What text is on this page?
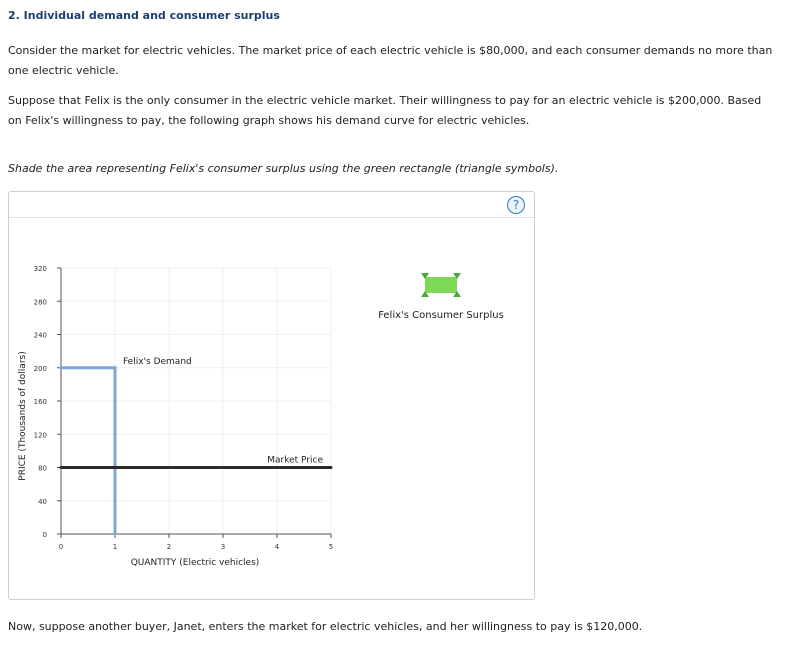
2. Individual demand and consumer surplus
Consider the market for electric vehicles. The market price of each electric vehicle is $80,000, and each consumer demands no more than one electric vehicle.
Suppose that Felix is the only consumer in the electric vehicle market. Their willingness to pay for an electric vehicle is $200,000. Based on Felix's willingness to pay, the following graph shows his demand curve for electric vehicles.
Shade the area representing Felix's consumer surplus using the green rectangle (triangle symbols).
?
0
40
80
120
160
200
240
280
320
0	1	2	3	4	5
QUANTITY (Electric vehicles)
PRICE (Thousands of dollars)	Felix's Demand
Market Price
Felix's Consumer Surplus
Now, suppose another buyer, Janet, enters the market for electric vehicles, and her willingness to pay is $120,000.
